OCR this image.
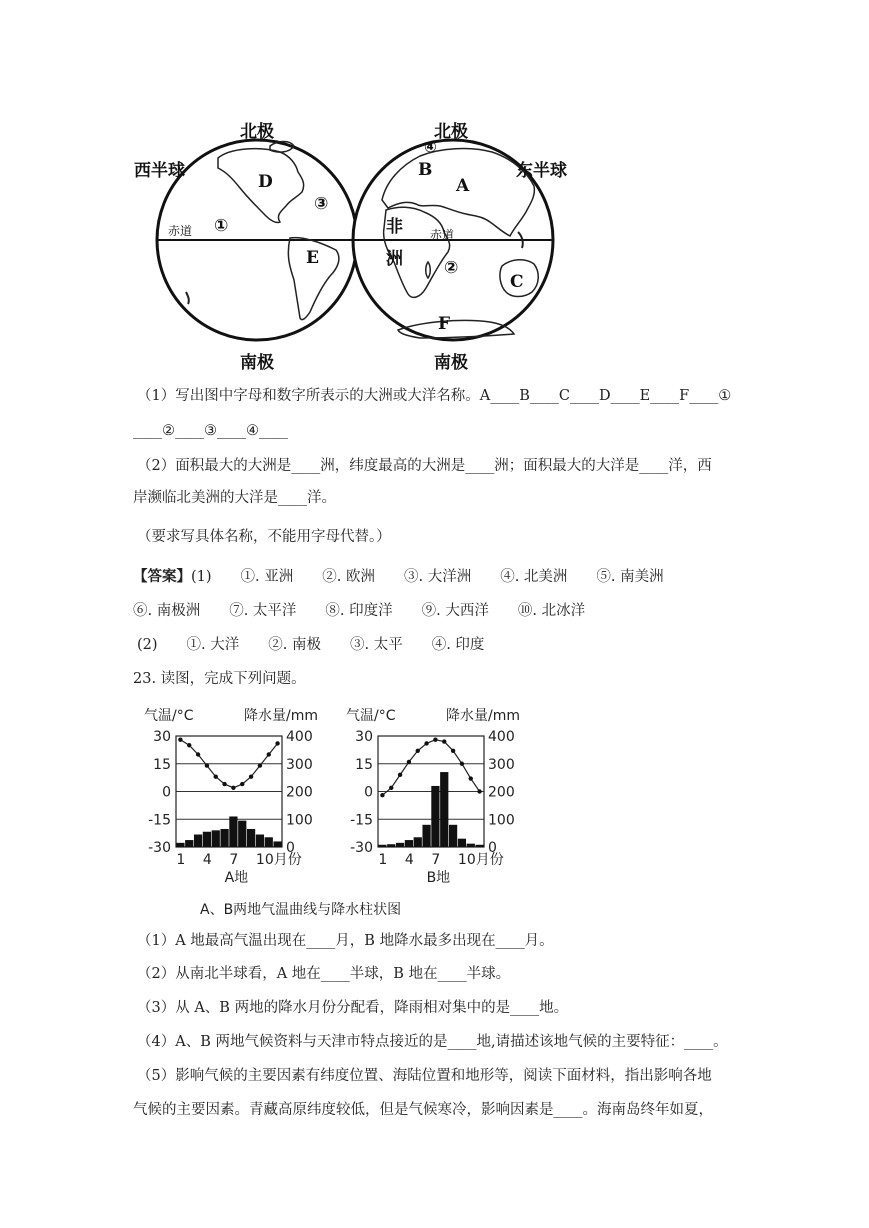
北极	北极
南极	南极
西半球	东半球
赤道	赤道
D
③
①
E
④
B
A
非
洲 ②
C
F
（1）写出图中字母和数字所表示的大洲或大洋名称。A____B____C____D____E____F____①
____②____③____④____
（2）面积最大的大洲是____洲，纬度最高的大洲是____洲；面积最大的大洋是____洋，西
岸濒临北美洲的大洋是____洋。
（要求写具体名称，不能用字母代替。）
【答案】(1)　　①. 亚洲　　②. 欧洲　　③. 大洋洲　　④. 北美洲　　⑤. 南美洲
⑥. 南极洲　　⑦. 太平洋　　⑧. 印度洋　　⑨. 大西洋　　⑩. 北冰洋
(2)　　①. 大洋　　②. 南极　　③. 太平　　④. 印度
23. 读图，完成下列问题。
气温/°C	降水量/mm
30	400
15	300
0	200
-15	100
-30	0
1 4 7 10月份
A地
气温/°C	降水量/mm
30	400
15	300
0	200
-15	100
-30	0
1 4 7 10月份
B地
A、B两地气温曲线与降水柱状图
（1）A 地最高气温出现在____月，B 地降水最多出现在____月。
（2）从南北半球看，A 地在____半球，B 地在____半球。
（3）从 A、B 两地的降水月份分配看，降雨相对集中的是____地。
（4）A、B 两地气候资料与天津市特点接近的是____地,请描述该地气候的主要特征：____。
（5）影响气候的主要因素有纬度位置、海陆位置和地形等，阅读下面材料，指出影响各地
气候的主要因素。青藏高原纬度较低，但是气候寒冷，影响因素是____。海南岛终年如夏，
